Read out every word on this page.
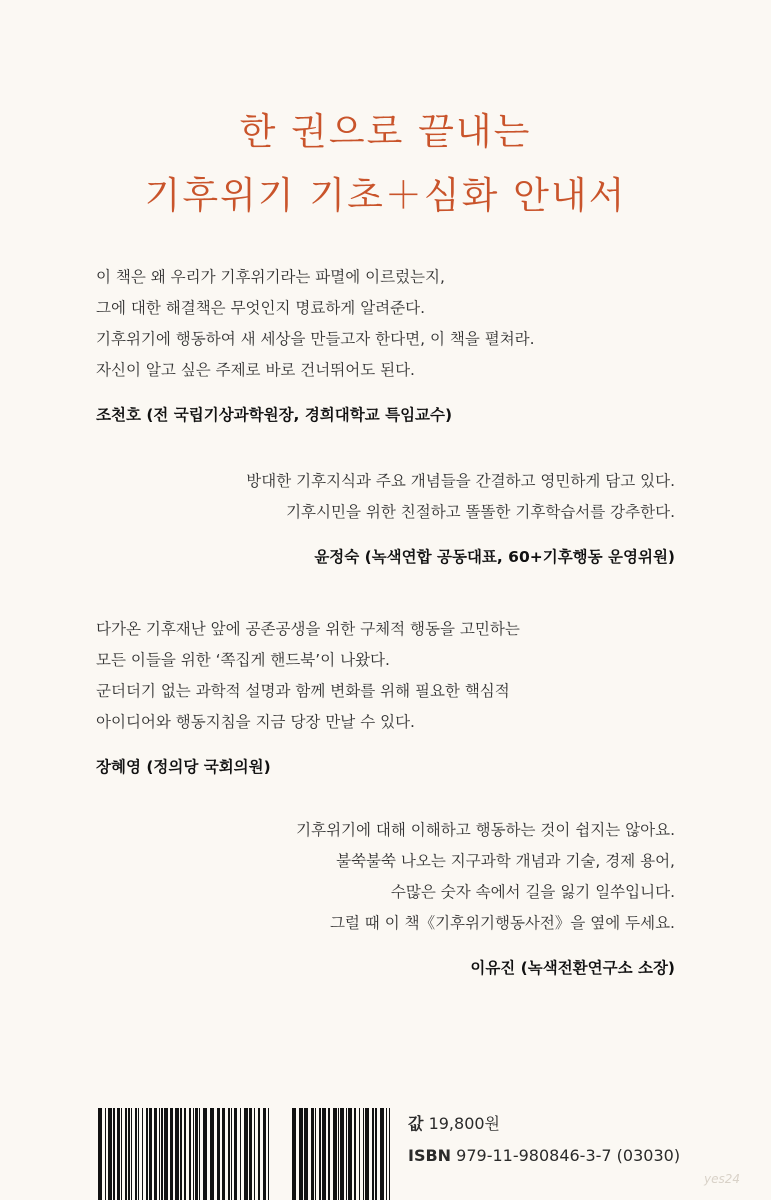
한 권으로 끝내는
기후위기 기초＋심화 안내서

이 책은 왜 우리가 기후위기라는 파멸에 이르렀는지,

그에 대한 해결책은 무엇인지 명료하게 알려준다.

기후위기에 행동하여 새 세상을 만들고자 한다면, 이 책을 펼쳐라.

자신이 알고 싶은 주제로 바로 건너뛰어도 된다.

조천호 (전 국립기상과학원장, 경희대학교 특임교수)

방대한 기후지식과 주요 개념들을 간결하고 영민하게 담고 있다.

기후시민을 위한 친절하고 똘똘한 기후학습서를 강추한다.

윤정숙 (녹색연합 공동대표, 60+기후행동 운영위원)

다가온 기후재난 앞에 공존공생을 위한 구체적 행동을 고민하는

모든 이들을 위한 ‘쪽집게 핸드북’이 나왔다.

군더더기 없는 과학적 설명과 함께 변화를 위해 필요한 핵심적

아이디어와 행동지침을 지금 당장 만날 수 있다.

장혜영 (정의당 국회의원)

기후위기에 대해 이해하고 행동하는 것이 쉽지는 않아요.

불쑥불쑥 나오는 지구과학 개념과 기술, 경제 용어,

수많은 숫자 속에서 길을 잃기 일쑤입니다.

그럴 때 이 책《기후위기행동사전》을 옆에 두세요.

이유진 (녹색전환연구소 소장)

값 19,800원
ISBN 979-11-980846-3-7 (03030)
yes24
